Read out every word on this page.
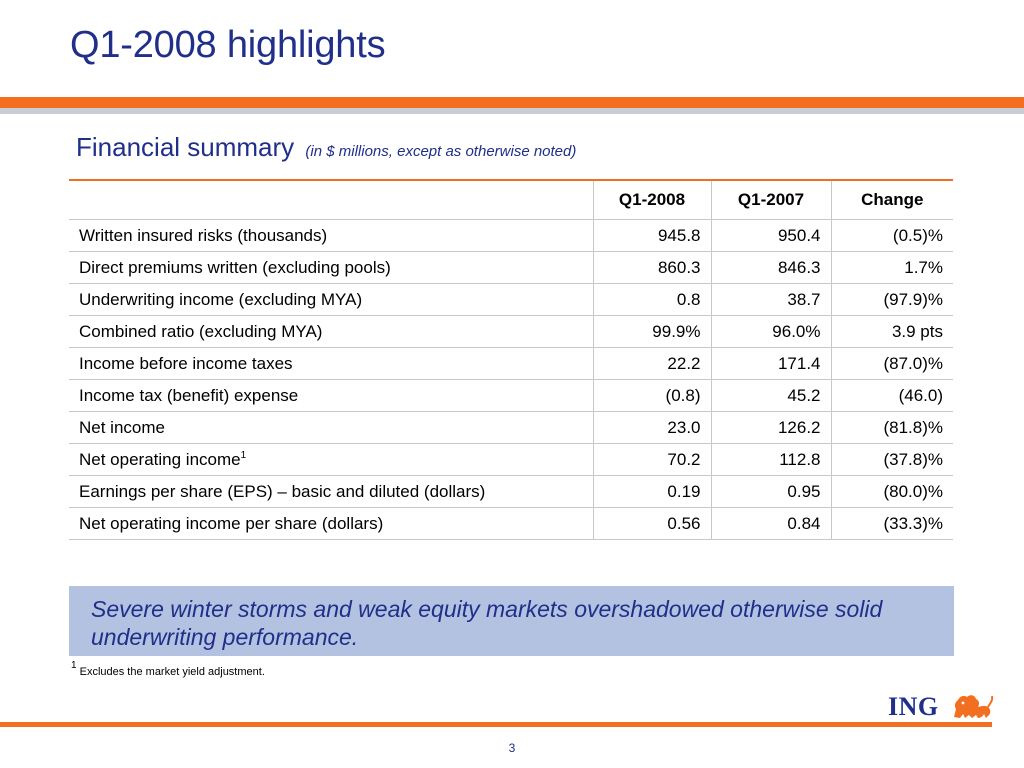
Q1-2008 highlights
Financial summary (in $ millions, except as otherwise noted)
	Q1-2008	Q1-2007	Change
Written insured risks (thousands)	945.8	950.4	(0.5)%
Direct premiums written (excluding pools)	860.3	846.3	1.7%
Underwriting income (excluding MYA)	0.8	38.7	(97.9)%
Combined ratio (excluding MYA)	99.9%	96.0%	3.9 pts
Income before income taxes	22.2	171.4	(87.0)%
Income tax (benefit) expense	(0.8)	45.2	(46.0)
Net income	23.0	126.2	(81.8)%
Net operating income$^1$	70.2	112.8	(37.8)%
Earnings per share (EPS) – basic and diluted (dollars)	0.19	0.95	(80.0)%
Net operating income per share (dollars)	0.56	0.84	(33.3)%
Severe winter storms and weak equity markets overshadowed otherwise solid underwriting performance.
$^1$ Excludes the market yield adjustment.
ING
3
